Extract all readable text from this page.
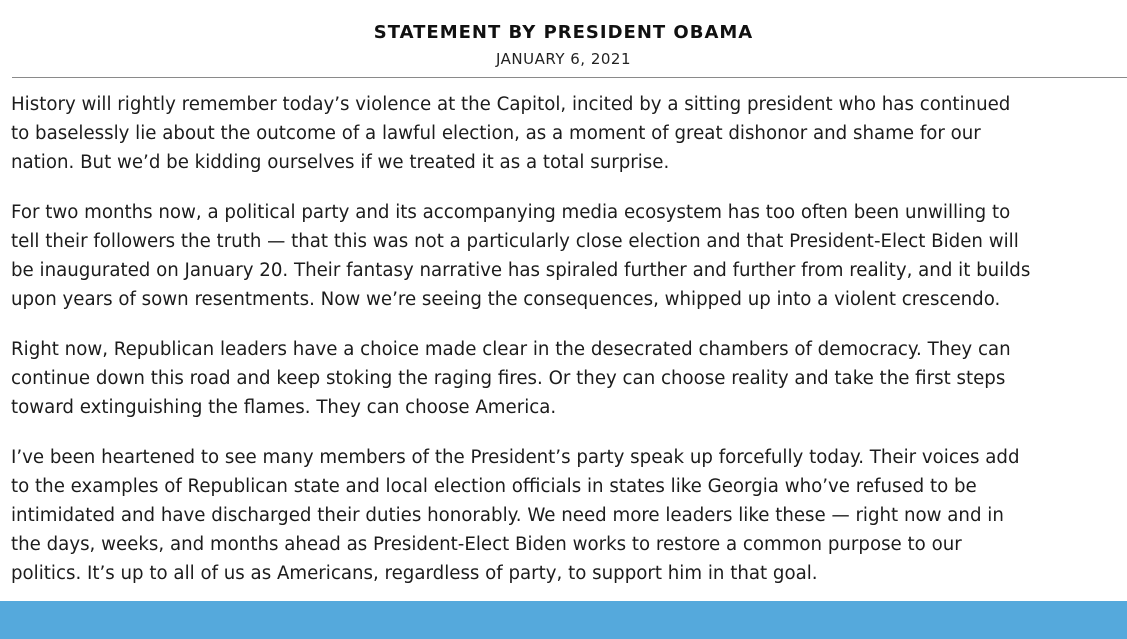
STATEMENT BY PRESIDENT OBAMA
JANUARY 6, 2021

History will rightly remember today’s violence at the Capitol, incited by a sitting president who has continued
to baselessly lie about the outcome of a lawful election, as a moment of great dishonor and shame for our
nation. But we’d be kidding ourselves if we treated it as a total surprise.

For two months now, a political party and its accompanying media ecosystem has too often been unwilling to
tell their followers the truth — that this was not a particularly close election and that President-Elect Biden will
be inaugurated on January 20. Their fantasy narrative has spiraled further and further from reality, and it builds
upon years of sown resentments. Now we’re seeing the consequences, whipped up into a violent crescendo.

Right now, Republican leaders have a choice made clear in the desecrated chambers of democracy. They can
continue down this road and keep stoking the raging fires. Or they can choose reality and take the first steps
toward extinguishing the flames. They can choose America.

I’ve been heartened to see many members of the President’s party speak up forcefully today. Their voices add
to the examples of Republican state and local election officials in states like Georgia who’ve refused to be
intimidated and have discharged their duties honorably. We need more leaders like these — right now and in
the days, weeks, and months ahead as President-Elect Biden works to restore a common purpose to our
politics. It’s up to all of us as Americans, regardless of party, to support him in that goal.
